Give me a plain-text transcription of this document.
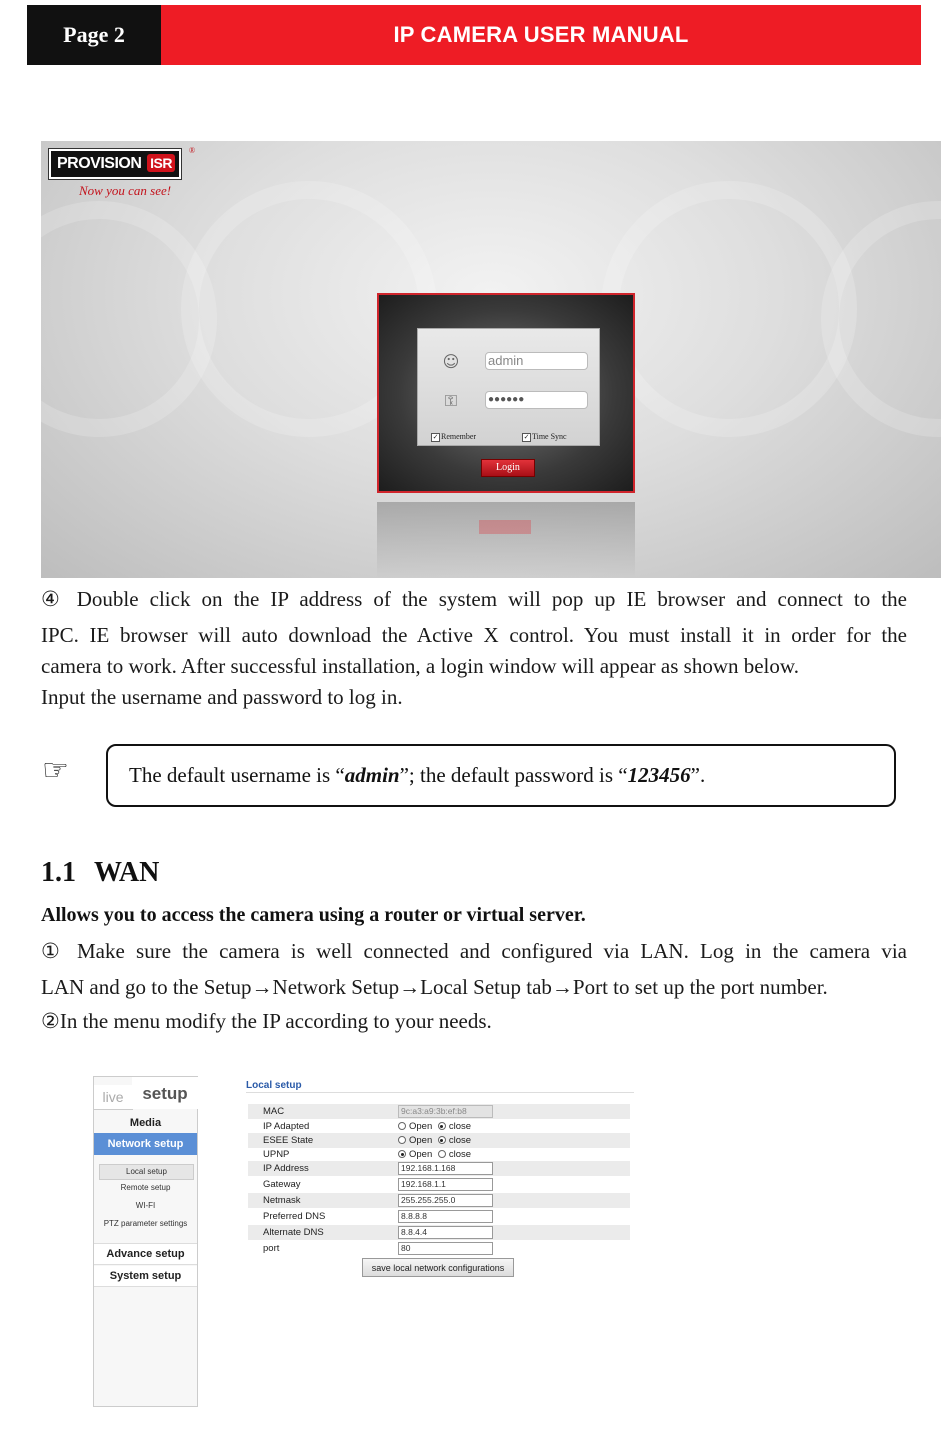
Page 2	IP CAMERA USER MANUAL
PROVISION ISR
®
Now you can see!
☺ admin
⚿	●●●●●●
✓ Remember	✓ Time Sync
Login
④ Double click on the IP address of the system will pop up IE browser and connect to the
IPC. IE browser will auto download the Active X control. You must install it in order for the
camera to work. After successful installation, a login window will appear as shown below.
Input the username and password to log in.
☞	The default username is “admin”; the default password is “123456”.
1.1 WAN
Allows you to access the camera using a router or virtual server.
① Make sure the camera is well connected and configured via LAN. Log in the camera via
LAN and go to the Setup→Network Setup→Local Setup tab→Port to set up the port number.
②In the menu modify the IP according to your needs.
live	setup
Media
Network setup
Local setup
Remote setup
WI-FI
PTZ parameter settings
Advance setup
System setup
Local setup
MAC	9c:a3:a9:3b:ef:b8
IP Adapted	Open close
ESEE State	Open close
UPNP	Open close
IP Address	192.168.1.168
Gateway	192.168.1.1
Netmask	255.255.255.0
Preferred DNS	8.8.8.8
Alternate DNS	8.8.4.4
port	80
save local network configurations
